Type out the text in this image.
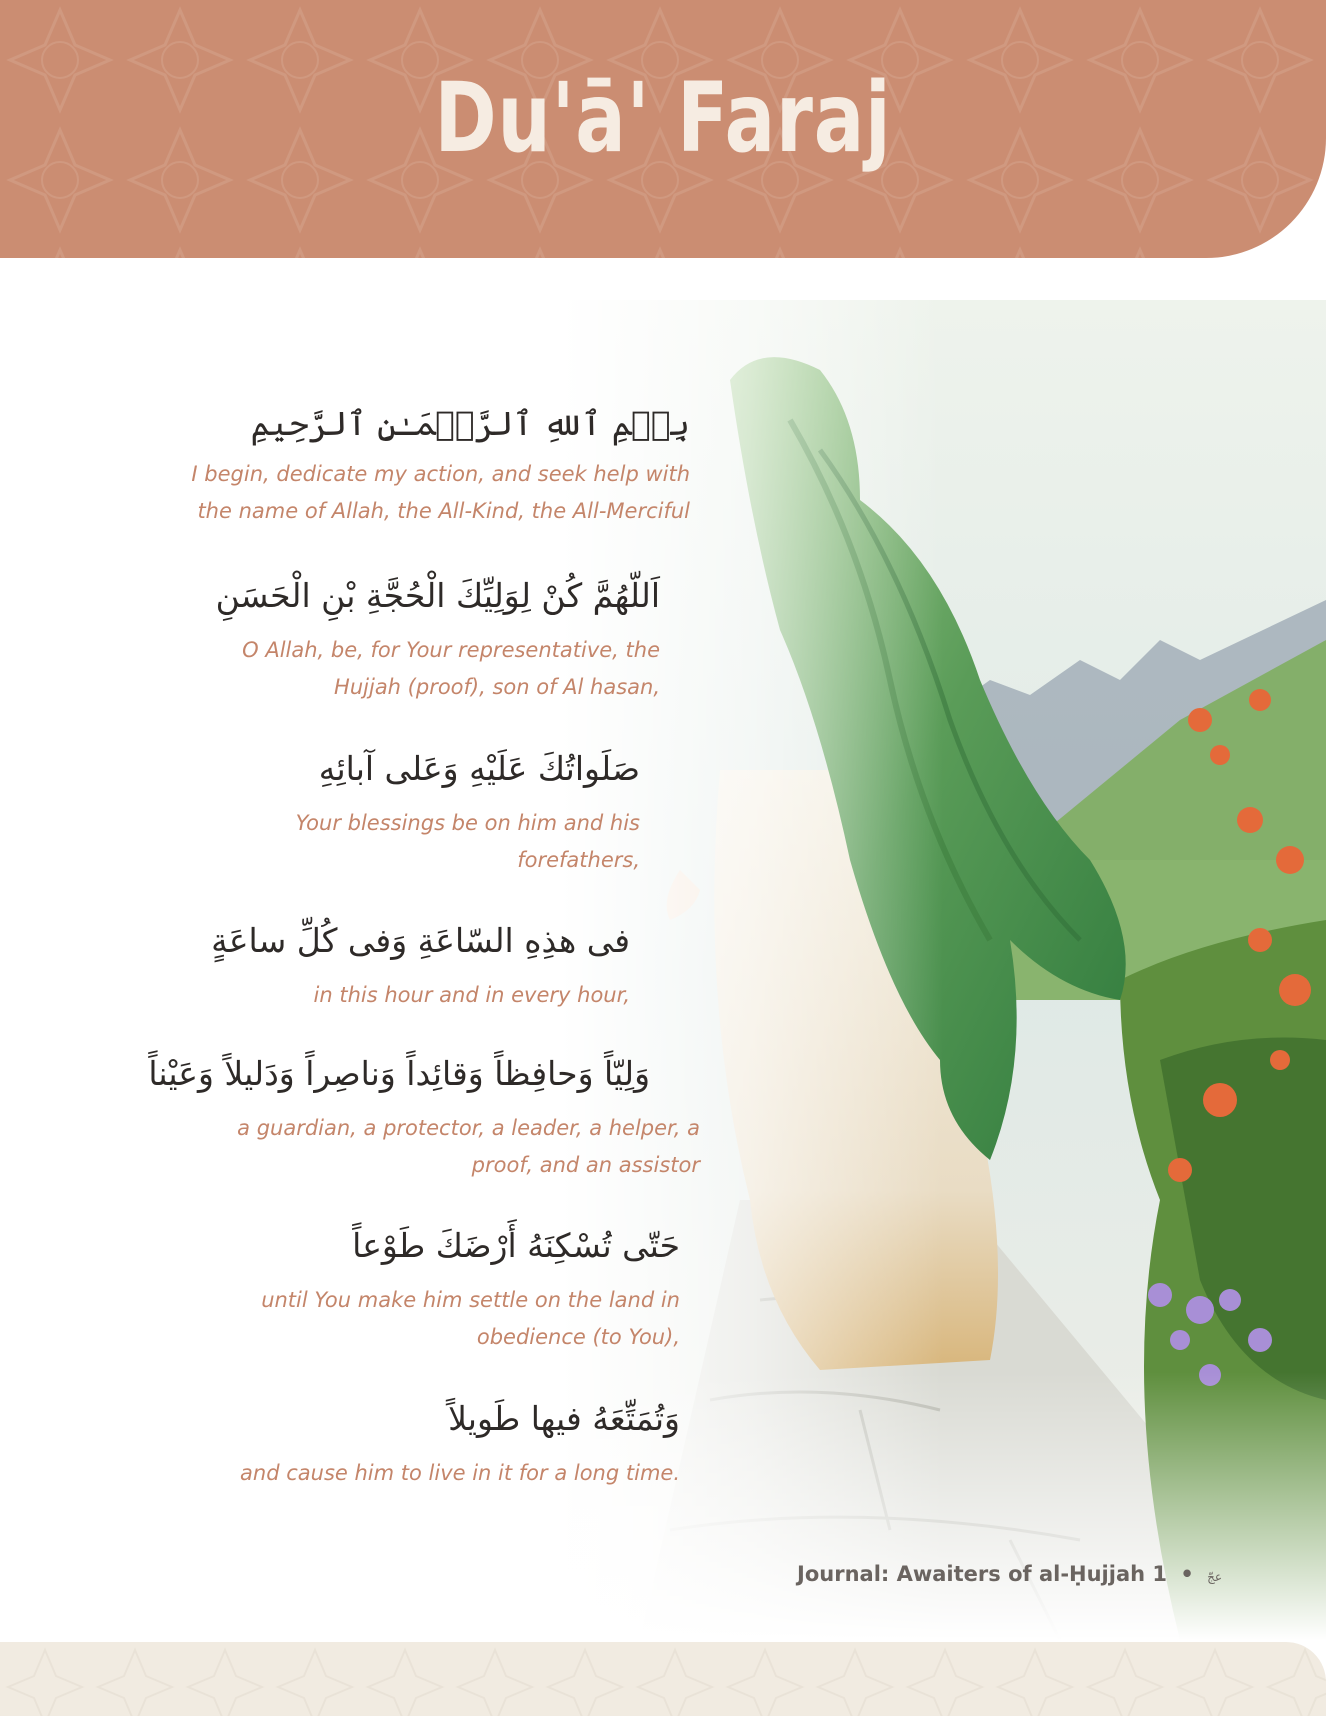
Du'ā' Faraj
بِسۡمِ ٱللهِ ٱلرَّحۡمَـٰنِ ٱلرَّحِيمِ
I begin, dedicate my action, and seek help with
the name of Allah, the All-Kind, the All-Merciful
اَللّهُمَّ كُنْ لِوَلِيِّكَ الْحُجَّةِ بْنِ الْحَسَنِ
O Allah, be, for Your representative, the
Hujjah (proof), son of Al hasan,
صَلَواتُكَ عَلَيْهِ وَعَلى آبائِهِ
Your blessings be on him and his
forefathers,
فى هذِهِ السّاعَةِ وَفى كُلِّ ساعَةٍ
in this hour and in every hour,
وَلِيّاً وَحافِظاً وَقائِداً وَناصِراً وَدَليلاً وَعَيْناً
a guardian, a protector, a leader, a helper, a
proof, and an assistor
حَتّى تُسْكِنَهُ أَرْضَكَ طَوْعاً
until You make him settle on the land in
obedience (to You),
وَتُمَتِّعَهُ فيها طَويلاً
and cause him to live in it for a long time.
Journal: Awaiters of al-Ḥujjah	عجّ • 1
